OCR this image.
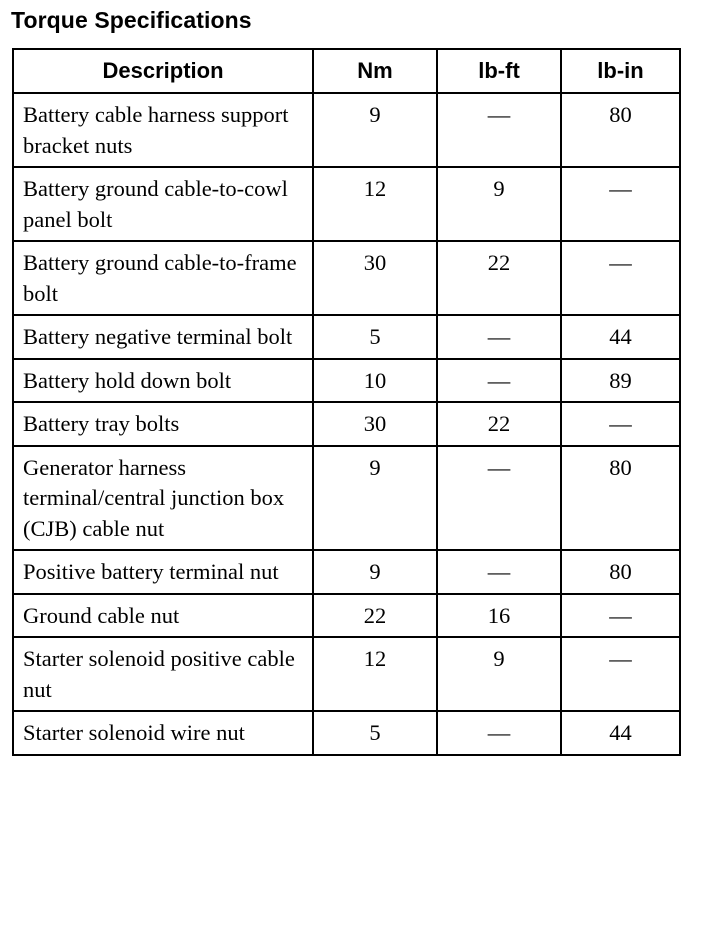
Torque Specifications
Description	Nm	lb-ft	lb-in
Battery cable harness support bracket nuts	9	—	80
Battery ground cable-to-cowl panel bolt	12	9	—
Battery ground cable-to-frame bolt	30	22	—
Battery negative terminal bolt	5	—	44
Battery hold down bolt	10	—	89
Battery tray bolts	30	22	—
Generator harness terminal/central junction box (CJB) cable nut	9	—	80
Positive battery terminal nut	9	—	80
Ground cable nut	22	16	—
Starter solenoid positive cable nut	12	9	—
Starter solenoid wire nut	5	—	44
